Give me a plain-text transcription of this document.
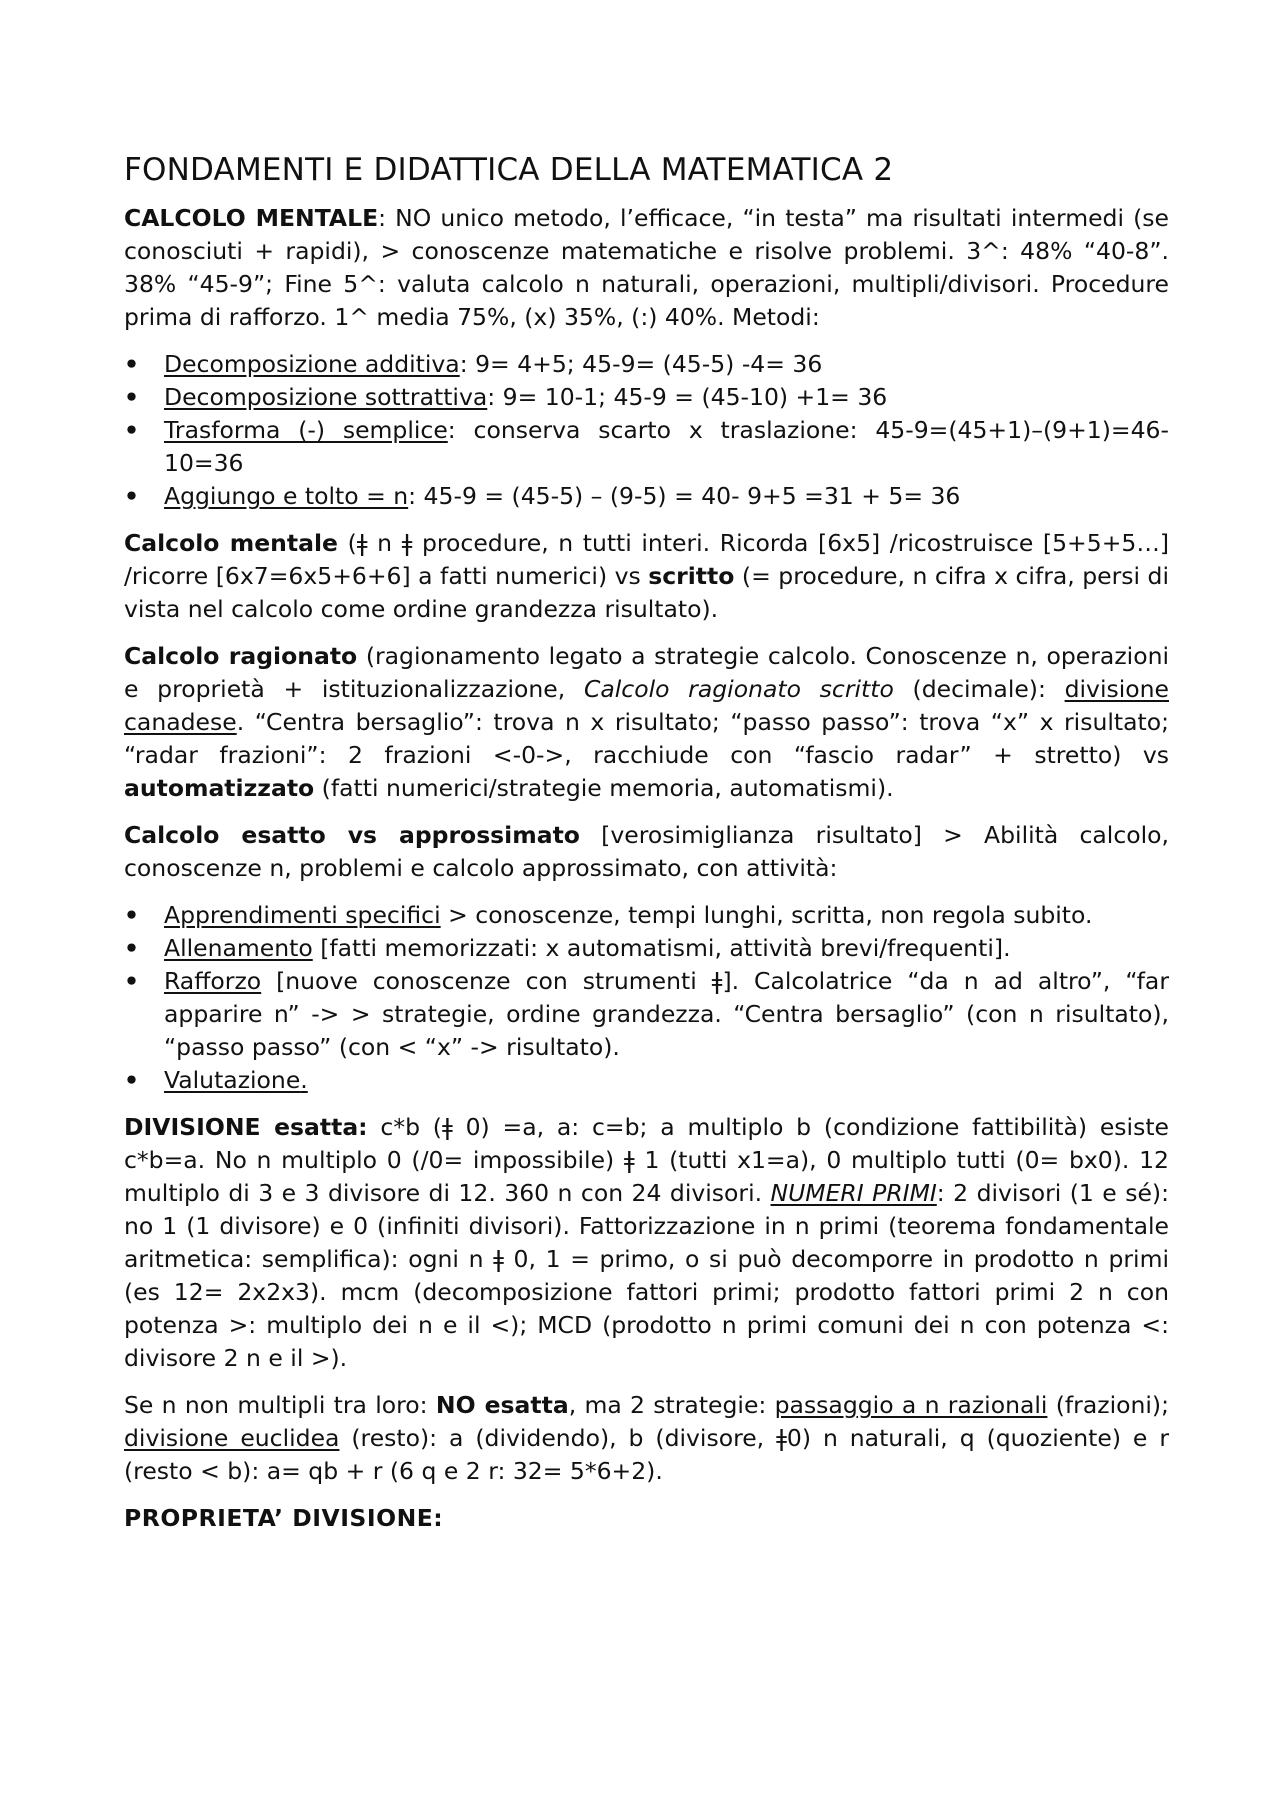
FONDAMENTI E DIDATTICA DELLA MATEMATICA 2

CALCOLO MENTALE: NO unico metodo, l’efficace, “in testa” ma risultati intermedi (se conosciuti + rapidi), > conoscenze matematiche e risolve problemi. 3^: 48% “40-8”. 38% “45-9”; Fine 5^: valuta calcolo n naturali, operazioni, multipli/divisori. Procedure prima di rafforzo. 1^ media 75%, (x) 35%, (:) 40%. Metodi:

• Decomposizione additiva: 9= 4+5; 45-9= (45-5) -4= 36
• Decomposizione sottrattiva: 9= 10-1; 45-9 = (45-10) +1= 36
• Trasforma (-) semplice: conserva scarto x traslazione: 45-9=(45+1)–(9+1)=46-10=36
• Aggiungo e tolto = n: 45-9 = (45-5) – (9-5) = 40- 9+5 =31 + 5= 36

Calcolo mentale (ǂ n ǂ procedure, n tutti interi. Ricorda [6x5] /ricostruisce [5+5+5…] /ricorre [6x7=6x5+6+6] a fatti numerici) vs scritto (= procedure, n cifra x cifra, persi di vista nel calcolo come ordine grandezza risultato).

Calcolo ragionato (ragionamento legato a strategie calcolo. Conoscenze n, operazioni e proprietà + istituzionalizzazione, Calcolo ragionato scritto (decimale): divisione canadese. “Centra bersaglio”: trova n x risultato; “passo passo”: trova “x” x risultato; “radar frazioni”: 2 frazioni <-0->, racchiude con “fascio radar” + stretto) vs automatizzato (fatti numerici/strategie memoria, automatismi).

Calcolo esatto vs approssimato [verosimiglianza risultato] > Abilità calcolo, conoscenze n, problemi e calcolo approssimato, con attività:

• Apprendimenti specifici > conoscenze, tempi lunghi, scritta, non regola subito.
• Allenamento [fatti memorizzati: x automatismi, attività brevi/frequenti].
• Rafforzo [nuove conoscenze con strumenti ǂ]. Calcolatrice “da n ad altro”, “far apparire n” -> > strategie, ordine grandezza. “Centra bersaglio” (con n risultato), “passo passo” (con < “x” -> risultato).
• Valutazione.

DIVISIONE esatta: c*b (ǂ 0) =a, a: c=b; a multiplo b (condizione fattibilità) esiste c*b=a. No n multiplo 0 (/0= impossibile) ǂ 1 (tutti x1=a), 0 multiplo tutti (0= bx0). 12 multiplo di 3 e 3 divisore di 12. 360 n con 24 divisori. NUMERI PRIMI: 2 divisori (1 e sé): no 1 (1 divisore) e 0 (infiniti divisori). Fattorizzazione in n primi (teorema fondamentale aritmetica: semplifica): ogni n ǂ 0, 1 = primo, o si può decomporre in prodotto n primi (es 12= 2x2x3). mcm (decomposizione fattori primi; prodotto fattori primi 2 n con potenza >: multiplo dei n e il <); MCD (prodotto n primi comuni dei n con potenza <: divisore 2 n e il >).

Se n non multipli tra loro: NO esatta, ma 2 strategie: passaggio a n razionali (frazioni); divisione euclidea (resto): a (dividendo), b (divisore, ǂ0) n naturali, q (quoziente) e r (resto < b): a= qb + r (6 q e 2 r: 32= 5*6+2).

PROPRIETA’ DIVISIONE:
